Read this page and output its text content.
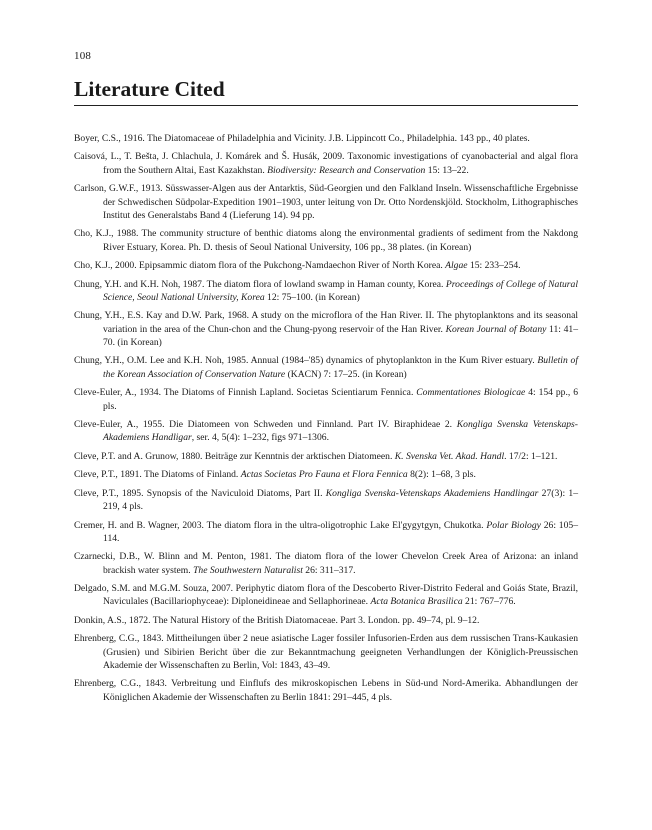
108
Literature Cited
Boyer, C.S., 1916. The Diatomaceae of Philadelphia and Vicinity. J.B. Lippincott Co., Philadelphia. 143 pp., 40 plates.
Caisová, L., T. Bešta, J. Chlachula, J. Komárek and Š. Husák, 2009. Taxonomic investigations of cyanobacterial and algal flora from the Southern Altai, East Kazakhstan. Biodiversity: Research and Conservation 15: 13–22.
Carlson, G.W.F., 1913. Süsswasser-Algen aus der Antarktis, Süd-Georgien und den Falkland Inseln. Wissenschaftliche Ergebnisse der Schwedischen Südpolar-Expedition 1901–1903, unter leitung von Dr. Otto Nordenskjöld. Stockholm, Lithographisches Institut des Generalstabs Band 4 (Lieferung 14). 94 pp.
Cho, K.J., 1988. The community structure of benthic diatoms along the environmental gradients of sediment from the Nakdong River Estuary, Korea. Ph. D. thesis of Seoul National University, 106 pp., 38 plates. (in Korean)
Cho, K.J., 2000. Epipsammic diatom flora of the Pukchong-Namdaechon River of North Korea. Algae 15: 233–254.
Chung, Y.H. and K.H. Noh, 1987. The diatom flora of lowland swamp in Haman county, Korea. Proceedings of College of Natural Science, Seoul National University, Korea 12: 75–100. (in Korean)
Chung, Y.H., E.S. Kay and D.W. Park, 1968. A study on the microflora of the Han River. II. The phytoplanktons and its seasonal variation in the area of the Chun-chon and the Chung-pyong reservoir of the Han River. Korean Journal of Botany 11: 41–70. (in Korean)
Chung, Y.H., O.M. Lee and K.H. Noh, 1985. Annual (1984–'85) dynamics of phytoplankton in the Kum River estuary. Bulletin of the Korean Association of Conservation Nature (KACN) 7: 17–25. (in Korean)
Cleve-Euler, A., 1934. The Diatoms of Finnish Lapland. Societas Scientiarum Fennica. Commentationes Biologicae 4: 154 pp., 6 pls.
Cleve-Euler, A., 1955. Die Diatomeen von Schweden und Finnland. Part IV. Biraphideae 2. Kongliga Svenska Vetenskaps-Akademiens Handligar, ser. 4, 5(4): 1–232, figs 971–1306.
Cleve, P.T. and A. Grunow, 1880. Beiträge zur Kenntnis der arktischen Diatomeen. K. Svenska Vet. Akad. Handl. 17/2: 1–121.
Cleve, P.T., 1891. The Diatoms of Finland. Actas Societas Pro Fauna et Flora Fennica 8(2): 1–68, 3 pls.
Cleve, P.T., 1895. Synopsis of the Naviculoid Diatoms, Part II. Kongliga Svenska-Vetenskaps Akademiens Handlingar 27(3): 1–219, 4 pls.
Cremer, H. and B. Wagner, 2003. The diatom flora in the ultra-oligotrophic Lake El'gygytgyn, Chukotka. Polar Biology 26: 105–114.
Czarnecki, D.B., W. Blinn and M. Penton, 1981. The diatom flora of the lower Chevelon Creek Area of Arizona: an inland brackish water system. The Southwestern Naturalist 26: 311–317.
Delgado, S.M. and M.G.M. Souza, 2007. Periphytic diatom flora of the Descoberto River-Distrito Federal and Goiás State, Brazil, Naviculales (Bacillariophyceae): Diploneidineae and Sellaphorineae. Acta Botanica Brasilica 21: 767–776.
Donkin, A.S., 1872. The Natural History of the British Diatomaceae. Part 3. London. pp. 49–74, pl. 9–12.
Ehrenberg, C.G., 1843. Mittheilungen über 2 neue asiatische Lager fossiler Infusorien-Erden aus dem russischen Trans-Kaukasien (Grusien) und Sibirien Bericht über die zur Bekanntmachung geeigneten Verhandlungen der Königlich-Preussischen Akademie der Wissenschaften zu Berlin, Vol: 1843, 43–49.
Ehrenberg, C.G., 1843. Verbreitung und Einflufs des mikroskopischen Lebens in Süd-und Nord-Amerika. Abhandlungen der Königlichen Akademie der Wissenschaften zu Berlin 1841: 291–445, 4 pls.
